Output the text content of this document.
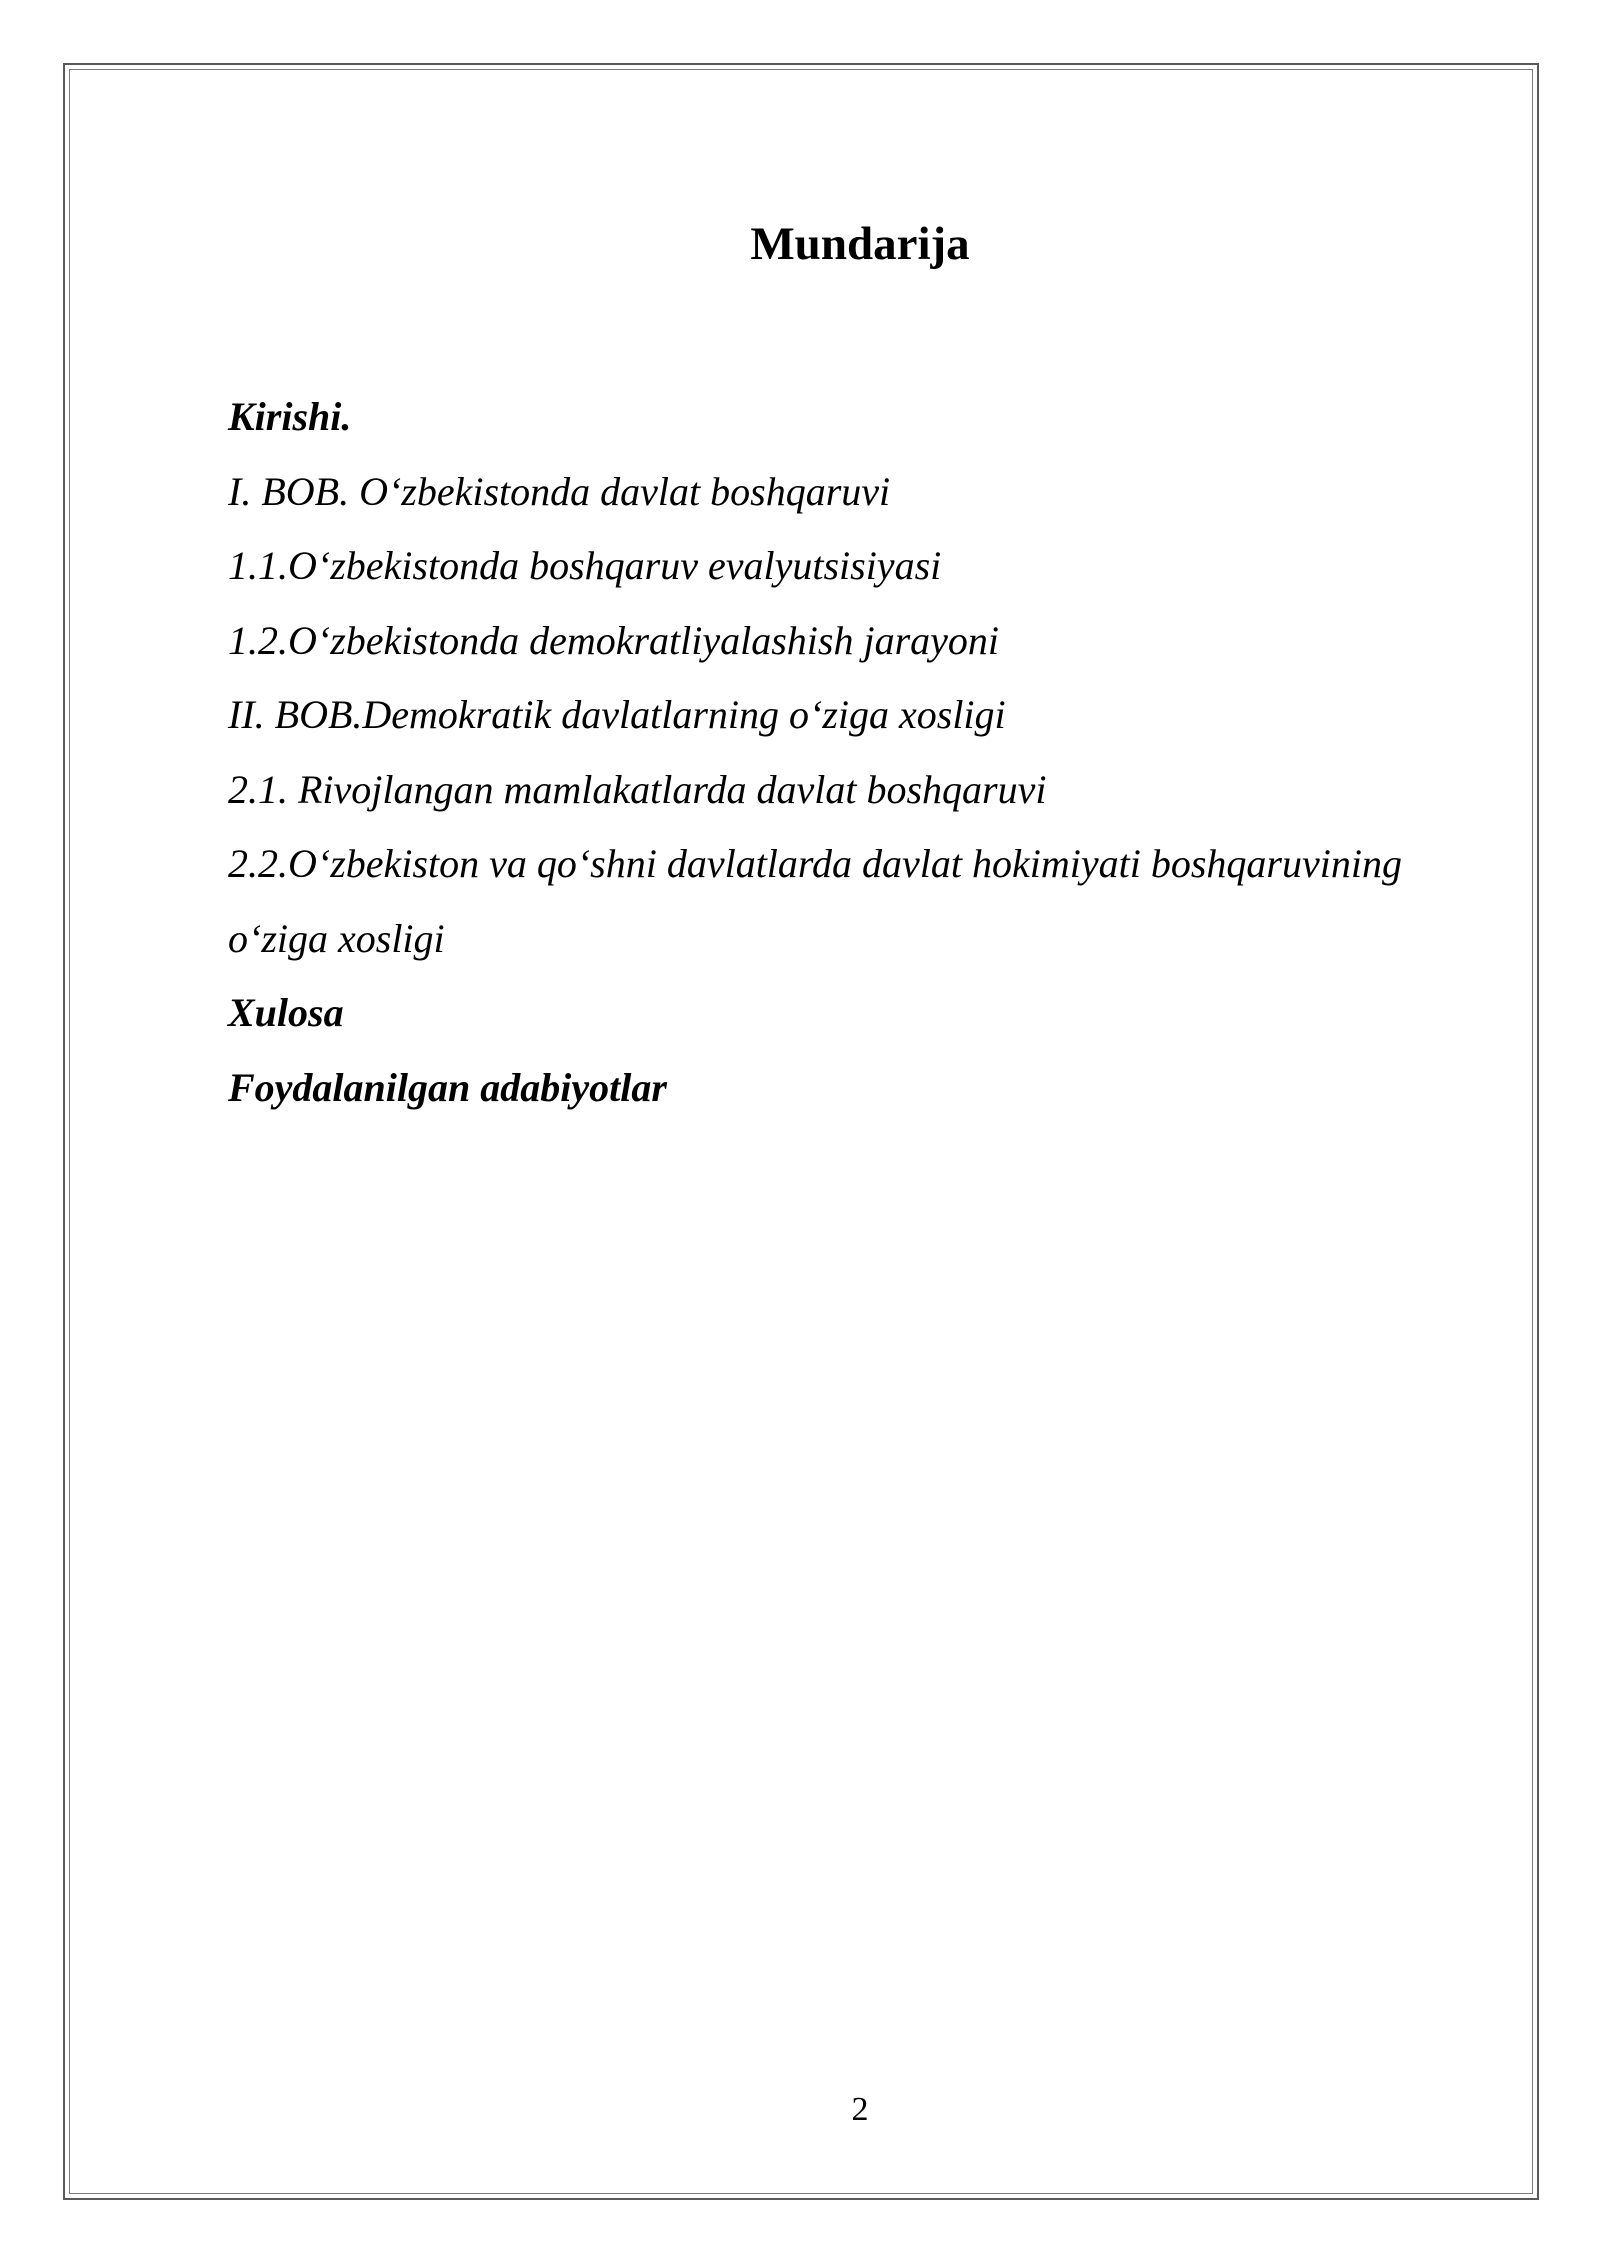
Mundarija
Kirishi.
I. BOB. O‘zbekistonda davlat boshqaruvi
1.1.O‘zbekistonda boshqaruv evalyutsisiyasi
1.2.O‘zbekistonda demokratliyalashish jarayoni
II. BOB.Demokratik davlatlarning o‘ziga xosligi
2.1. Rivojlangan mamlakatlarda davlat boshqaruvi
2.2.O‘zbekiston va qo‘shni davlatlarda davlat hokimiyati boshqaruvining
o‘ziga xosligi
Xulosa
Foydalanilgan adabiyotlar
2
